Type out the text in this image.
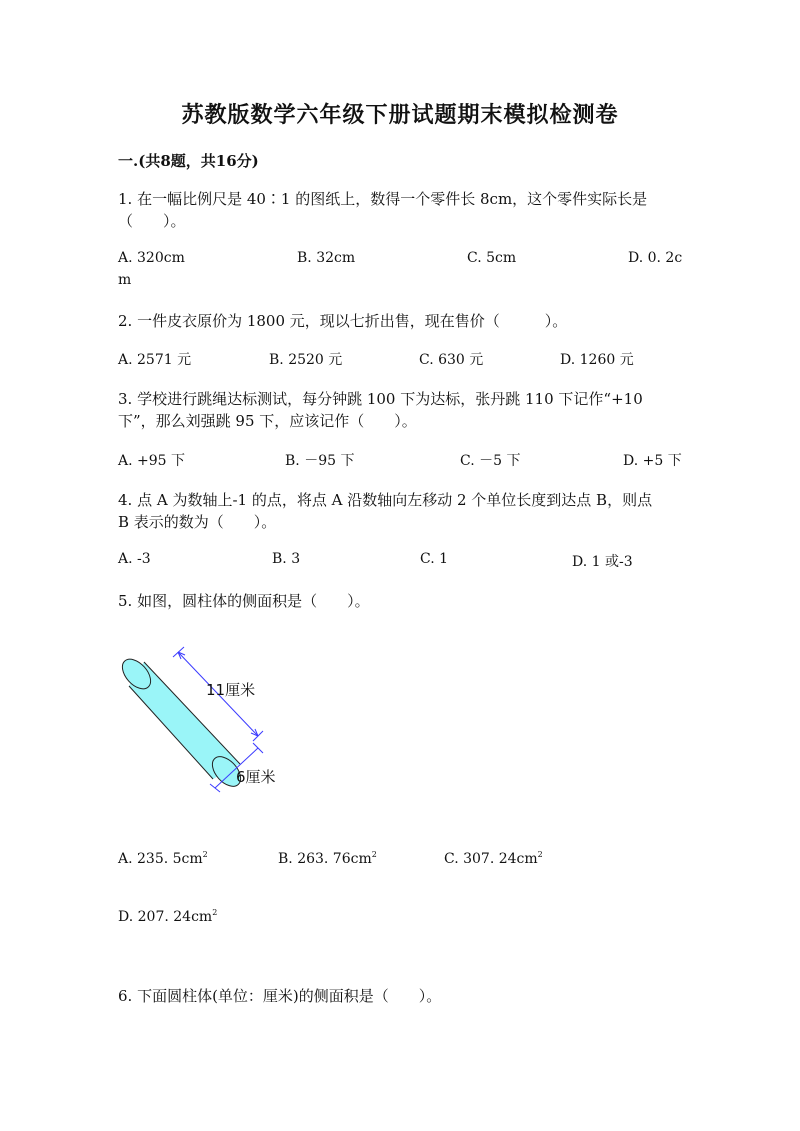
苏教版数学六年级下册试题期末模拟检测卷
一.(共8题，共16分)
1. 在一幅比例尺是 40∶1 的图纸上，数得一个零件长 8cm，这个零件实际长是
（　　）。
A. 320cm	B. 32cm	C. 5cm	D. 0. 2c
m
2. 一件皮衣原价为 1800 元，现以七折出售，现在售价（　　　）。
A. 2571 元	B. 2520 元	C. 630 元	D. 1260 元
3. 学校进行跳绳达标测试，每分钟跳 100 下为达标，张丹跳 110 下记作“+10
下”，那么刘强跳 95 下，应该记作（　　）。
A. +95 下	B. －95 下	C. －5 下	D. +5 下
4. 点 A 为数轴上-1 的点，将点 A 沿数轴向左移动 2 个单位长度到达点 B，则点
B 表示的数为（　　）。
A. -3	B. 3	C. 1	D. 1 或-3
5. 如图，圆柱体的侧面积是（　　）。
11厘米
6厘米
A. 235. $5cm^2$	B. 263. $76cm^2$	C. 307. $24cm^2$
D. 207. $24cm^2$
6. 下面圆柱体(单位：厘米)的侧面积是（　　）。
